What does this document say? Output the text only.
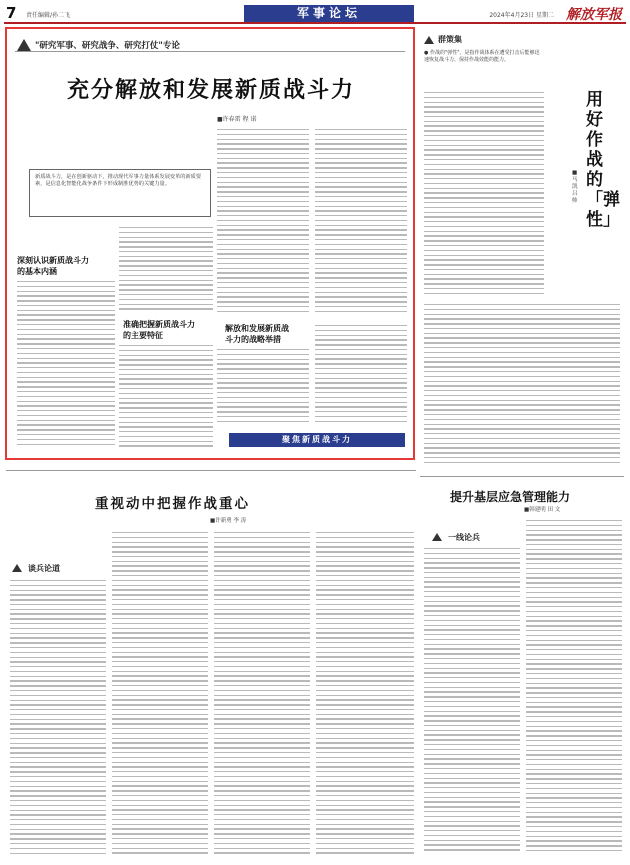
7 责任编辑/孙二飞	军事论坛	2024年4月23日 星期二 解放军报
"研究军事、研究战争、研究打仗"专论
充分解放和发展新质战斗力
■许春雷 程 诺
新质战斗力，是在创新驱动下，推动现代军事力量体系发展变革的新质要素，是信息化智能化战争条件下形成制胜优势的关键力量。
深刻认识新质战斗力
的基本内涵
准确把握新质战斗力
的主要特征
解放和发展新质战
斗力的战略举措
聚焦新质战斗力
群策集
● 作战的"弹性"，是指作战体系在遭受打击后能够迅速恢复战斗力、保持作战效能的能力。
用好作战的「弹性」
■马 凯 吕 帅
提升基层应急管理能力
■韩建明 田 文
一线论兵
重视动中把握作战重心
■许新勇 李 涛
谈兵论道
